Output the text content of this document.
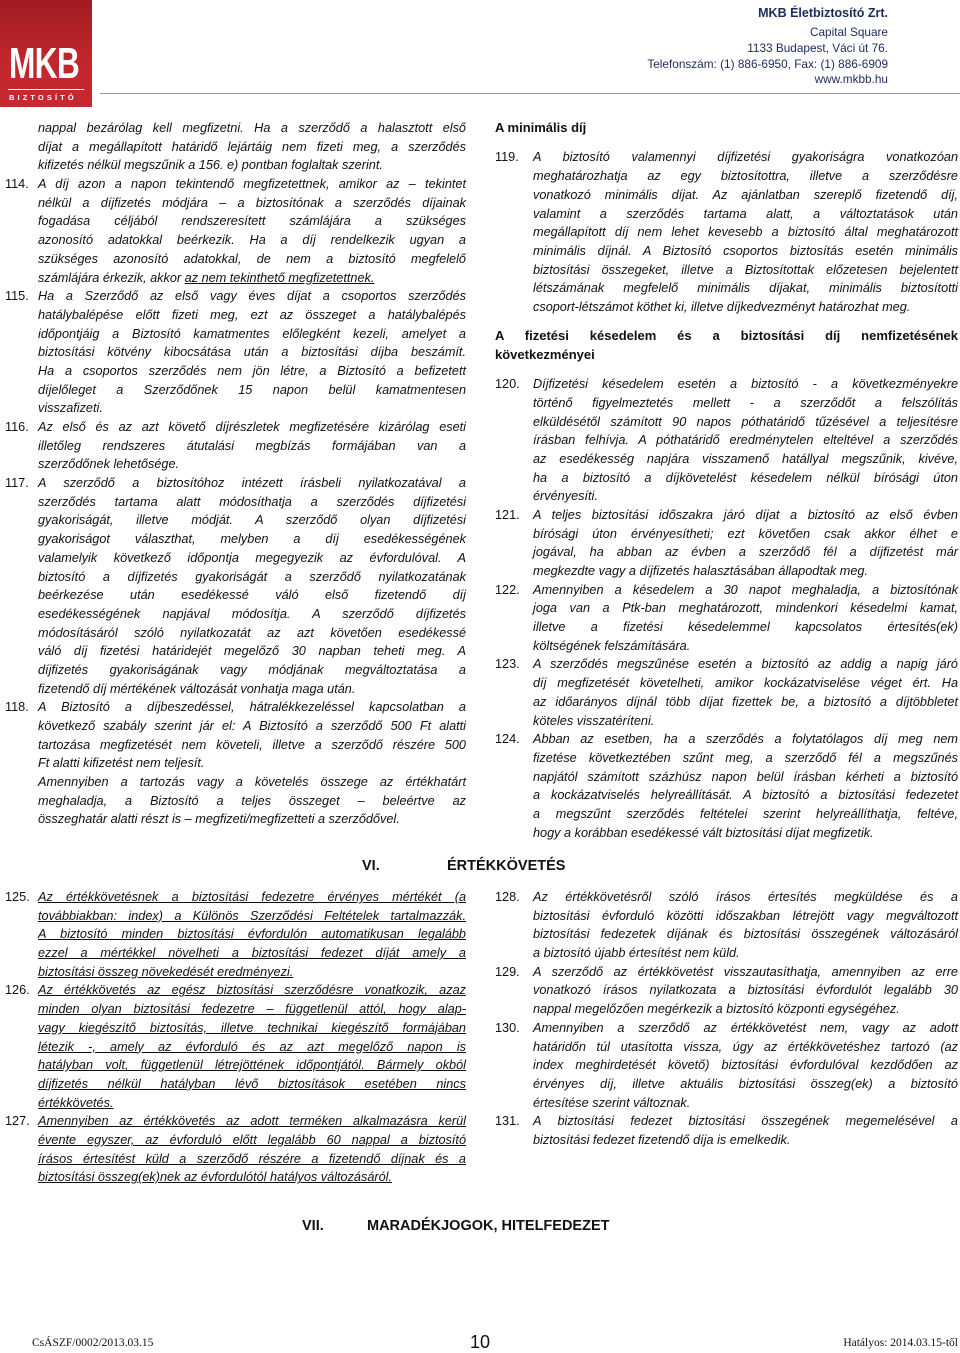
MKB
BIZTOSÍTÓ
MKB Életbiztosító Zrt.
Capital Square
1133 Budapest, Váci út 76.
Telefonszám: (1) 886-6950, Fax: (1) 886-6909
www.mkbb.hu
nappal bezárólag kell megfizetni. Ha a szerződő a halasztott első
díjat a megállapított határidő lejártáig nem fizeti meg, a szerződés
kifizetés nélkül megszűnik a 156. e) pontban foglaltak szerint.
114. A díj azon a napon tekintendő megfizetettnek, amikor az – tekintet
nélkül a díjfizetés módjára – a biztosítónak a szerződés díjainak
fogadása céljából rendszeresített számlájára a szükséges
azonosító adatokkal beérkezik. Ha a díj rendelkezik ugyan a
szükséges azonosító adatokkal, de nem a biztosító megfelelő
számlájára érkezik, akkor az nem tekinthető megfizetettnek.
115. Ha a Szerződő az első vagy éves díjat a csoportos szerződés
hatálybalépése előtt fizeti meg, ezt az összeget a hatálybalépés
időpontjáig a Biztosító kamatmentes előlegként kezeli, amelyet a
biztosítási kötvény kibocsátása után a biztosítási díjba beszámít.
Ha a csoportos szerződés nem jön létre, a Biztosító a befizetett
díjelőleget a Szerződőnek 15 napon belül kamatmentesen
visszafizeti.
116. Az első és az azt követő díjrészletek megfizetésére kizárólag eseti
illetőleg rendszeres átutalási megbízás formájában van a
szerződőnek lehetősége.
117. A szerződő a biztosítóhoz intézett írásbeli nyilatkozatával a
szerződés tartama alatt módosíthatja a szerződés díjfizetési
gyakoriságát, illetve módját. A szerződő olyan díjfizetési
gyakoriságot választhat, melyben a díj esedékességének
valamelyik következő időpontja megegyezik az évfordulóval. A
biztosító a díjfizetés gyakoriságát a szerződő nyilatkozatának
beérkezése után esedékessé váló első fizetendő díj
esedékességének napjával módosítja. A szerződő díjfizetés
módosításáról szóló nyilatkozatát az azt követően esedékessé
váló díj fizetési határidejét megelőző 30 napban teheti meg. A
díjfizetés gyakoriságának vagy módjának megváltoztatása a
fizetendő díj mértékének változását vonhatja maga után.
118. A Biztosító a díjbeszedéssel, hátralékkezeléssel kapcsolatban a
következő szabály szerint jár el: A Biztosító a szerződő 500 Ft alatti
tartozása megfizetését nem követeli, illetve a szerződő részére 500
Ft alatti kifizetést nem teljesít.
Amennyiben a tartozás vagy a követelés összege az értékhatárt
meghaladja, a Biztosító a teljes összeget – beleértve az
összeghatár alatti részt is – megfizeti/megfizetteti a szerződővel.
A minimális díj
119. A biztosító valamennyi díjfizetési gyakoriságra vonatkozóan
meghatározhatja az egy biztosítottra, illetve a szerződésre
vonatkozó minimális díjat. Az ajánlatban szereplő fizetendő díj,
valamint a szerződés tartama alatt, a változtatások után
megállapított díj nem lehet kevesebb a biztosító által meghatározott
minimális díjnál. A Biztosító csoportos biztosítás esetén minimális
biztosítási összegeket, illetve a Biztosítottak előzetesen bejelentett
létszámának megfelelő minimális díjakat, minimális biztosítotti
csoport-létszámot köthet ki, illetve díjkedvezményt határozhat meg.
A fizetési késedelem és a biztosítási díj nemfizetésének
következményei
120. Díjfizetési késedelem esetén a biztosító - a következményekre
történő figyelmeztetés mellett - a szerződőt a felszólítás
elküldésétől számított 90 napos póthatáridő tűzésével a teljesítésre
írásban felhívja. A póthatáridő eredménytelen elteltével a szerződés
az esedékesség napjára visszamenő hatállyal megszűnik, kivéve,
ha a biztosító a díjkövetelést késedelem nélkül bírósági úton
érvényesíti.
121. A teljes biztosítási időszakra járó díjat a biztosító az első évben
bírósági úton érvényesítheti; ezt követően csak akkor élhet e
jogával, ha abban az évben a szerződő fél a díjfizetést már
megkezdte vagy a díjfizetés halasztásában állapodtak meg.
122. Amennyiben a késedelem a 30 napot meghaladja, a biztosítónak
joga van a Ptk-ban meghatározott, mindenkori késedelmi kamat,
illetve a fizetési késedelemmel kapcsolatos értesítés(ek)
költségének felszámítására.
123. A szerződés megszűnése esetén a biztosító az addig a napig járó
díj megfizetését követelheti, amikor kockázatviselése véget ért. Ha
az időarányos díjnál több díjat fizettek be, a biztosító a díjtöbbletet
köteles visszatéríteni.
124. Abban az esetben, ha a szerződés a folytatólagos díj meg nem
fizetése következtében szűnt meg, a szerződő fél a megszűnés
napjától számított százhúsz napon belül írásban kérheti a biztosító
a kockázatviselés helyreállítását. A biztosító a biztosítási fedezetet
a megszűnt szerződés feltételei szerint helyreállíthatja, feltéve,
hogy a korábban esedékessé vált biztosítási díjat megfizetik.
VI.	ÉRTÉKKÖVETÉS
125. Az értékkövetésnek a biztosítási fedezetre érvényes mértékét (a
továbbiakban: index) a Különös Szerződési Feltételek tartalmazzák.
A biztosító minden biztosítási évfordulón automatikusan legalább
ezzel a mértékkel növelheti a biztosítási fedezet díját amely a
biztosítási összeg növekedését eredményezi.
126. Az értékkövetés az egész biztosítási szerződésre vonatkozik, azaz
minden olyan biztosítási fedezetre – függetlenül attól, hogy alap-
vagy kiegészítő biztosítás, illetve technikai kiegészítő formájában
létezik -, amely az évforduló és az azt megelőző napon is
hatályban volt, függetlenül létrejöttének időpontjától. Bármely okból
díjfizetés nélkül hatályban lévő biztosítások esetében nincs
értékkövetés.
127. Amennyiben az értékkövetés az adott terméken alkalmazásra kerül
évente egyszer, az évforduló előtt legalább 60 nappal a biztosító
írásos értesítést küld a szerződő részére a fizetendő díjnak és a
biztosítási összeg(ek)nek az évfordulótól hatályos változásáról.
128. Az értékkövetésről szóló írásos értesítés megküldése és a
biztosítási évforduló közötti időszakban létrejött vagy megváltozott
biztosítási fedezetek díjának és biztosítási összegének változásáról
a biztosító újabb értesítést nem küld.
129. A szerződő az értékkövetést visszautasíthatja, amennyiben az erre
vonatkozó írásos nyilatkozata a biztosítási évfordulót legalább 30
nappal megelőzően megérkezik a biztosító központi egységéhez.
130. Amennyiben a szerződő az értékkövetést nem, vagy az adott
határidőn túl utasította vissza, úgy az értékkövetéshez tartozó (az
index meghirdetését követő) biztosítási évfordulóval kezdődően az
érvényes díj, illetve aktuális biztosítási összeg(ek) a biztosító
értesítése szerint változnak.
131. A biztosítási fedezet biztosítási összegének megemelésével a
biztosítási fedezet fizetendő díja is emelkedik.
VII.	MARADÉKJOGOK, HITELFEDEZET
CsÁSZF/0002/2013.03.15	10	Hatályos: 2014.03.15-től
